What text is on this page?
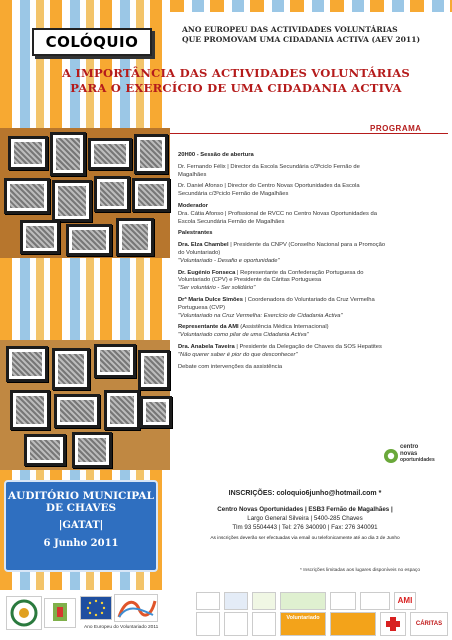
COLÓQUIO
ANO EUROPEU DAS ACTIVIDADES VOLUNTÁRIAS
QUE PROMOVAM UMA CIDADANIA ACTIVA (AEV 2011)
A IMPORTÂNCIA DAS ACTIVIDADES VOLUNTÁRIAS
PARA O EXERCÍCIO DE UMA CIDADANIA ACTIVA
PROGRAMA
20H00 - Sessão de abertura
Dr. Fernando Félix | Director da Escola Secundária c/3ºciclo Fernão de
Magalhães
Dr. Daniel Afonso | Director do Centro Novas Oportunidades da Escola
Secundária c/3ºciclo Fernão de Magalhães
Moderador
Dra. Cátia Afonso | Profissional de RVCC no Centro Novas Oportunidades da
Escola Secundária Fernão de Magalhães
Palestrantes
Dra. Elza Chambel | Presidente da CNPV (Conselho Nacional para a Promoção
do Voluntariado)
"Voluntariado - Desafio e oportunidade"
Dr. Eugénio Fonseca | Representante da Confederação Portuguesa do
Voluntariado (CPV) e Presidente da Cáritas Portuguesa
"Ser voluntário - Ser solidário"
Drª Maria Dulce Simões | Coordenadora do Voluntariado da Cruz Vermelha
Portuguesa (CVP)
"Voluntariado na Cruz Vermelha: Exercício de Cidadania Activa"
Representante da AMI (Assistência Médica Internacional)
"Voluntariado como pilar de uma Cidadania Activa"
Dra. Anabela Taveira | Presidente da Delegação de Chaves da SOS Hepatites
"Não querer saber é pior do que desconhecer"
Debate com intervenções da assistência
centro
novas
oportunidades
AUDITÓRIO MUNICIPAL
DE CHAVES
|GATAT|
6 Junho 2011
INSCRIÇÕES: coloquio6junho@hotmail.com *
Centro Novas Oportunidades | ESB3 Fernão de Magalhães |
Largo General Silveira | 5400-285 Chaves
Tlm 93 5504443 | Tel: 276 340090 | Fax: 276 340091
As inscrições deverão ser efectuadas via email ou telefonicamente até ao dia 3 de Junho
* Inscrições limitadas aos lugares disponíveis no espaço
Ano Europeu do Voluntariado 2011
AMI
Voluntariado
CÁRITAS
